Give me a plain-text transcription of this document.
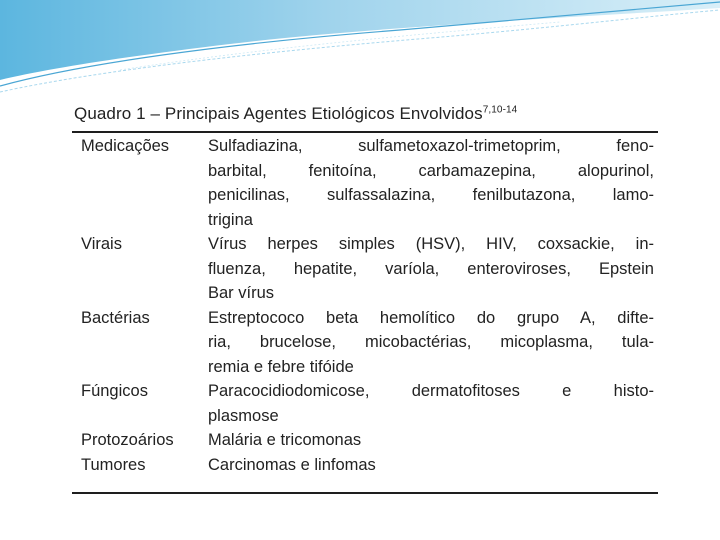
Quadro 1 – Principais Agentes Etiológicos Envolvidos$^{7,10-14}$
Medicações	Sulfadiazina, sulfametoxazol-trimetoprim, feno-
barbital, fenitoína, carbamazepina, alopurinol,
penicilinas, sulfassalazina, fenilbutazona, lamo-
trigina
Virais	Vírus herpes simples (HSV), HIV, coxsackie, in-
fluenza, hepatite, varíola, enteroviroses, Epstein
Bar vírus
Bactérias	Estreptococo beta hemolítico do grupo A, difte-
ria, brucelose, micobactérias, micoplasma, tula-
remia e febre tifóide
Fúngicos	Paracocidiodomicose, dermatofitoses e histo-
plasmose
Protozoários	Malária e tricomonas
Tumores	Carcinomas e linfomas
